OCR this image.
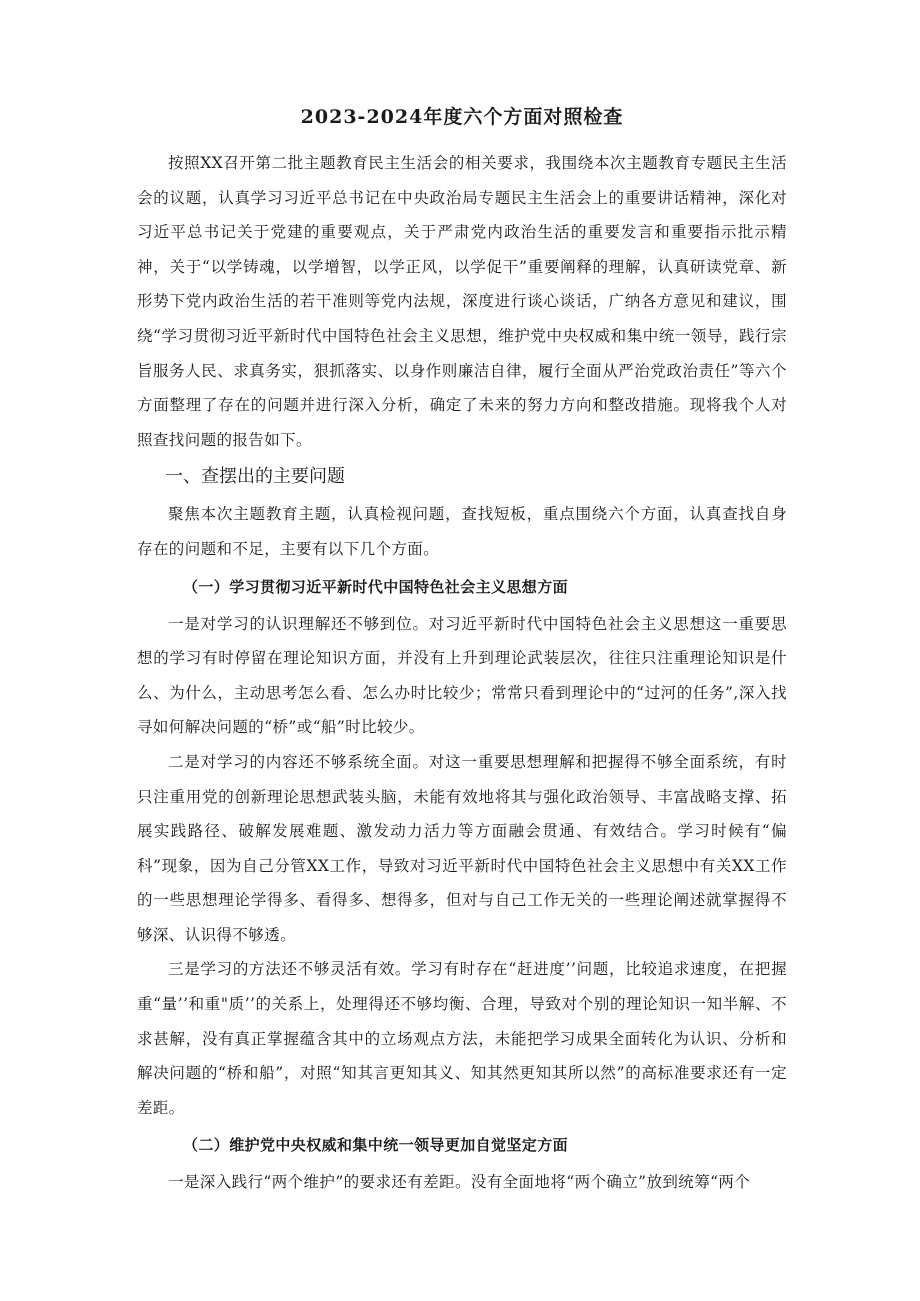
2023-2024年度六个方面对照检查

按照XX召开第二批主题教育民主生活会的相关要求，我围绕本次主题教育专题民主生活会的议题，认真学习习近平总书记在中央政治局专题民主生活会上的重要讲话精神，深化对习近平总书记关于党建的重要观点，关于严肃党内政治生活的重要发言和重要指示批示精神，关于“以学铸魂，以学增智，以学正风，以学促干”重要阐释的理解，认真研读党章、新形势下党内政治生活的若干准则等党内法规，深度进行谈心谈话，广纳各方意见和建议，围绕“学习贯彻习近平新时代中国特色社会主义思想，维护党中央权威和集中统一领导，践行宗旨服务人民、求真务实，狠抓落实、以身作则廉洁自律，履行全面从严治党政治责任”等六个方面整理了存在的问题并进行深入分析，确定了未来的努力方向和整改措施。现将我个人对照查找问题的报告如下。

一、查摆出的主要问题

聚焦本次主题教育主题，认真检视问题，查找短板，重点围绕六个方面，认真查找自身存在的问题和不足，主要有以下几个方面。

（一）学习贯彻习近平新时代中国特色社会主义思想方面

一是对学习的认识理解还不够到位。对习近平新时代中国特色社会主义思想这一重要思想的学习有时停留在理论知识方面，并没有上升到理论武装层次，往往只注重理论知识是什么、为什么，主动思考怎么看、怎么办时比较少；常常只看到理论中的“过河的任务”,深入找寻如何解决问题的“桥”或“船”时比较少。

二是对学习的内容还不够系统全面。对这一重要思想理解和把握得不够全面系统，有时只注重用党的创新理论思想武装头脑，未能有效地将其与强化政治领导、丰富战略支撑、拓展实践路径、破解发展难题、激发动力活力等方面融会贯通、有效结合。学习时候有“偏科”现象，因为自己分管XX工作，导致对习近平新时代中国特色社会主义思想中有关XX工作的一些思想理论学得多、看得多、想得多，但对与自己工作无关的一些理论阐述就掌握得不够深、认识得不够透。

三是学习的方法还不够灵活有效。学习有时存在“赶进度’’问题，比较追求速度，在把握重“量’’和重"质’’的关系上，处理得还不够均衡、合理，导致对个别的理论知识一知半解、不求甚解，没有真正掌握蕴含其中的立场观点方法，未能把学习成果全面转化为认识、分析和解决问题的“桥和船”，对照“知其言更知其义、知其然更知其所以然”的高标准要求还有一定差距。

（二）维护党中央权威和集中统一领导更加自觉坚定方面

一是深入践行“两个维护”的要求还有差距。没有全面地将“两个确立”放到统筹“两个
